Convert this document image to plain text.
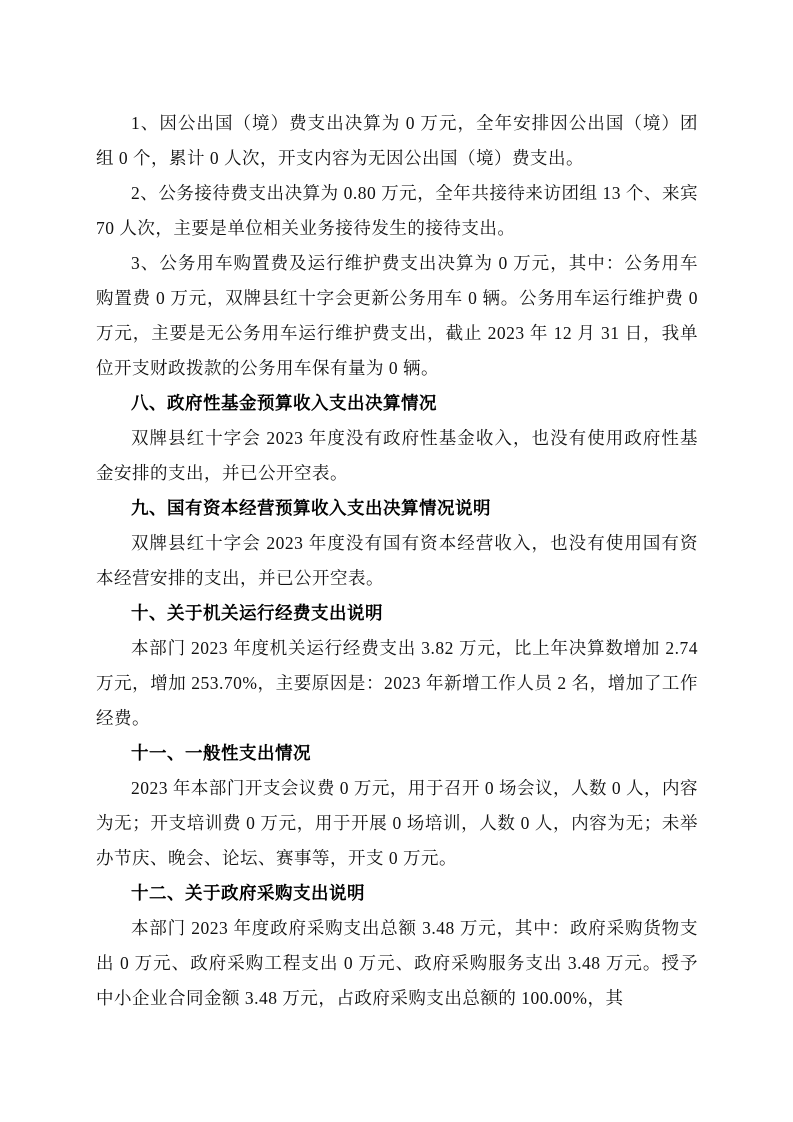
1、因公出国（境）费支出决算为 0 万元，全年安排因公出国（境）团组 0 个，累计 0 人次，开支内容为无因公出国（境）费支出。

2、公务接待费支出决算为 0.80 万元，全年共接待来访团组 13 个、来宾 70 人次，主要是单位相关业务接待发生的接待支出。

3、公务用车购置费及运行维护费支出决算为 0 万元，其中：公务用车购置费 0 万元，双牌县红十字会更新公务用车 0 辆。公务用车运行维护费 0 万元，主要是无公务用车运行维护费支出，截止 2023 年 12 月 31 日，我单位开支财政拨款的公务用车保有量为 0 辆。

八、政府性基金预算收入支出决算情况

双牌县红十字会 2023 年度没有政府性基金收入，也没有使用政府性基金安排的支出，并已公开空表。

九、国有资本经营预算收入支出决算情况说明

双牌县红十字会 2023 年度没有国有资本经营收入，也没有使用国有资本经营安排的支出，并已公开空表。

十、关于机关运行经费支出说明

本部门 2023 年度机关运行经费支出 3.82 万元，比上年决算数增加 2.74 万元，增加 253.70%，主要原因是：2023 年新增工作人员 2 名，增加了工作经费。

十一、一般性支出情况

2023 年本部门开支会议费 0 万元，用于召开 0 场会议，人数 0 人，内容为无；开支培训费 0 万元，用于开展 0 场培训，人数 0 人，内容为无；未举办节庆、晚会、论坛、赛事等，开支 0 万元。

十二、关于政府采购支出说明

本部门 2023 年度政府采购支出总额 3.48 万元，其中：政府采购货物支出 0 万元、政府采购工程支出 0 万元、政府采购服务支出 3.48 万元。授予中小企业合同金额 3.48 万元，占政府采购支出总额的 100.00%，其
